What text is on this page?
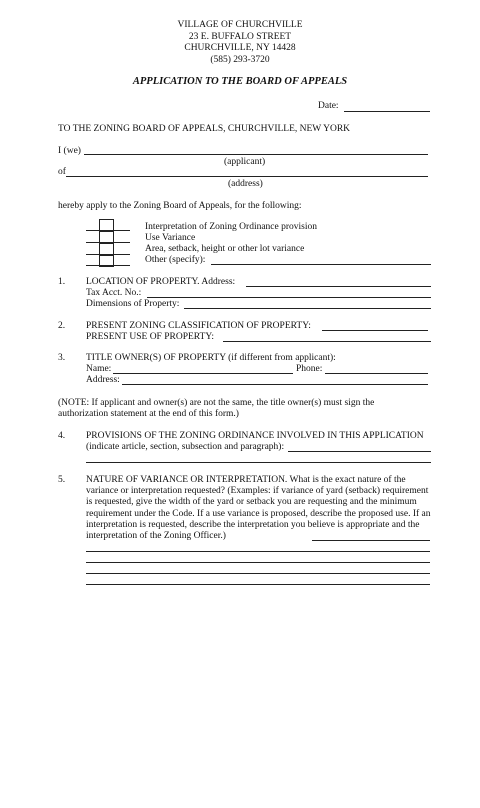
VILLAGE OF CHURCHVILLE
23 E. BUFFALO STREET
CHURCHVILLE, NY 14428
(585) 293-3720
APPLICATION TO THE BOARD OF APPEALS
Date:
TO THE ZONING BOARD OF APPEALS, CHURCHVILLE, NEW YORK
I (we)
(applicant)
of
(address)
hereby apply to the Zoning Board of Appeals, for the following:
Interpretation of Zoning Ordinance provision
Use Variance
Area, setback, height or other lot variance
Other (specify):
1. LOCATION OF PROPERTY. Address:
Tax Acct. No.:
Dimensions of Property:
2. PRESENT ZONING CLASSIFICATION OF PROPERTY:
PRESENT USE OF PROPERTY:
3. TITLE OWNER(S) OF PROPERTY (if different from applicant):
Name:	Phone:
Address:
(NOTE: If applicant and owner(s) are not the same, the title owner(s) must sign the authorization statement at the end of this form.)
4. PROVISIONS OF THE ZONING ORDINANCE INVOLVED IN THIS APPLICATION
(indicate article, section, subsection and paragraph):
5. NATURE OF VARIANCE OR INTERPRETATION. What is the exact nature of the variance or interpretation requested? (Examples: if variance of yard (setback) requirement is requested, give the width of the yard or setback you are requesting and the minimum requirement under the Code. If a use variance is proposed, describe the proposed use. If an interpretation is requested, describe the interpretation you believe is appropriate and the interpretation of the Zoning Officer.)
